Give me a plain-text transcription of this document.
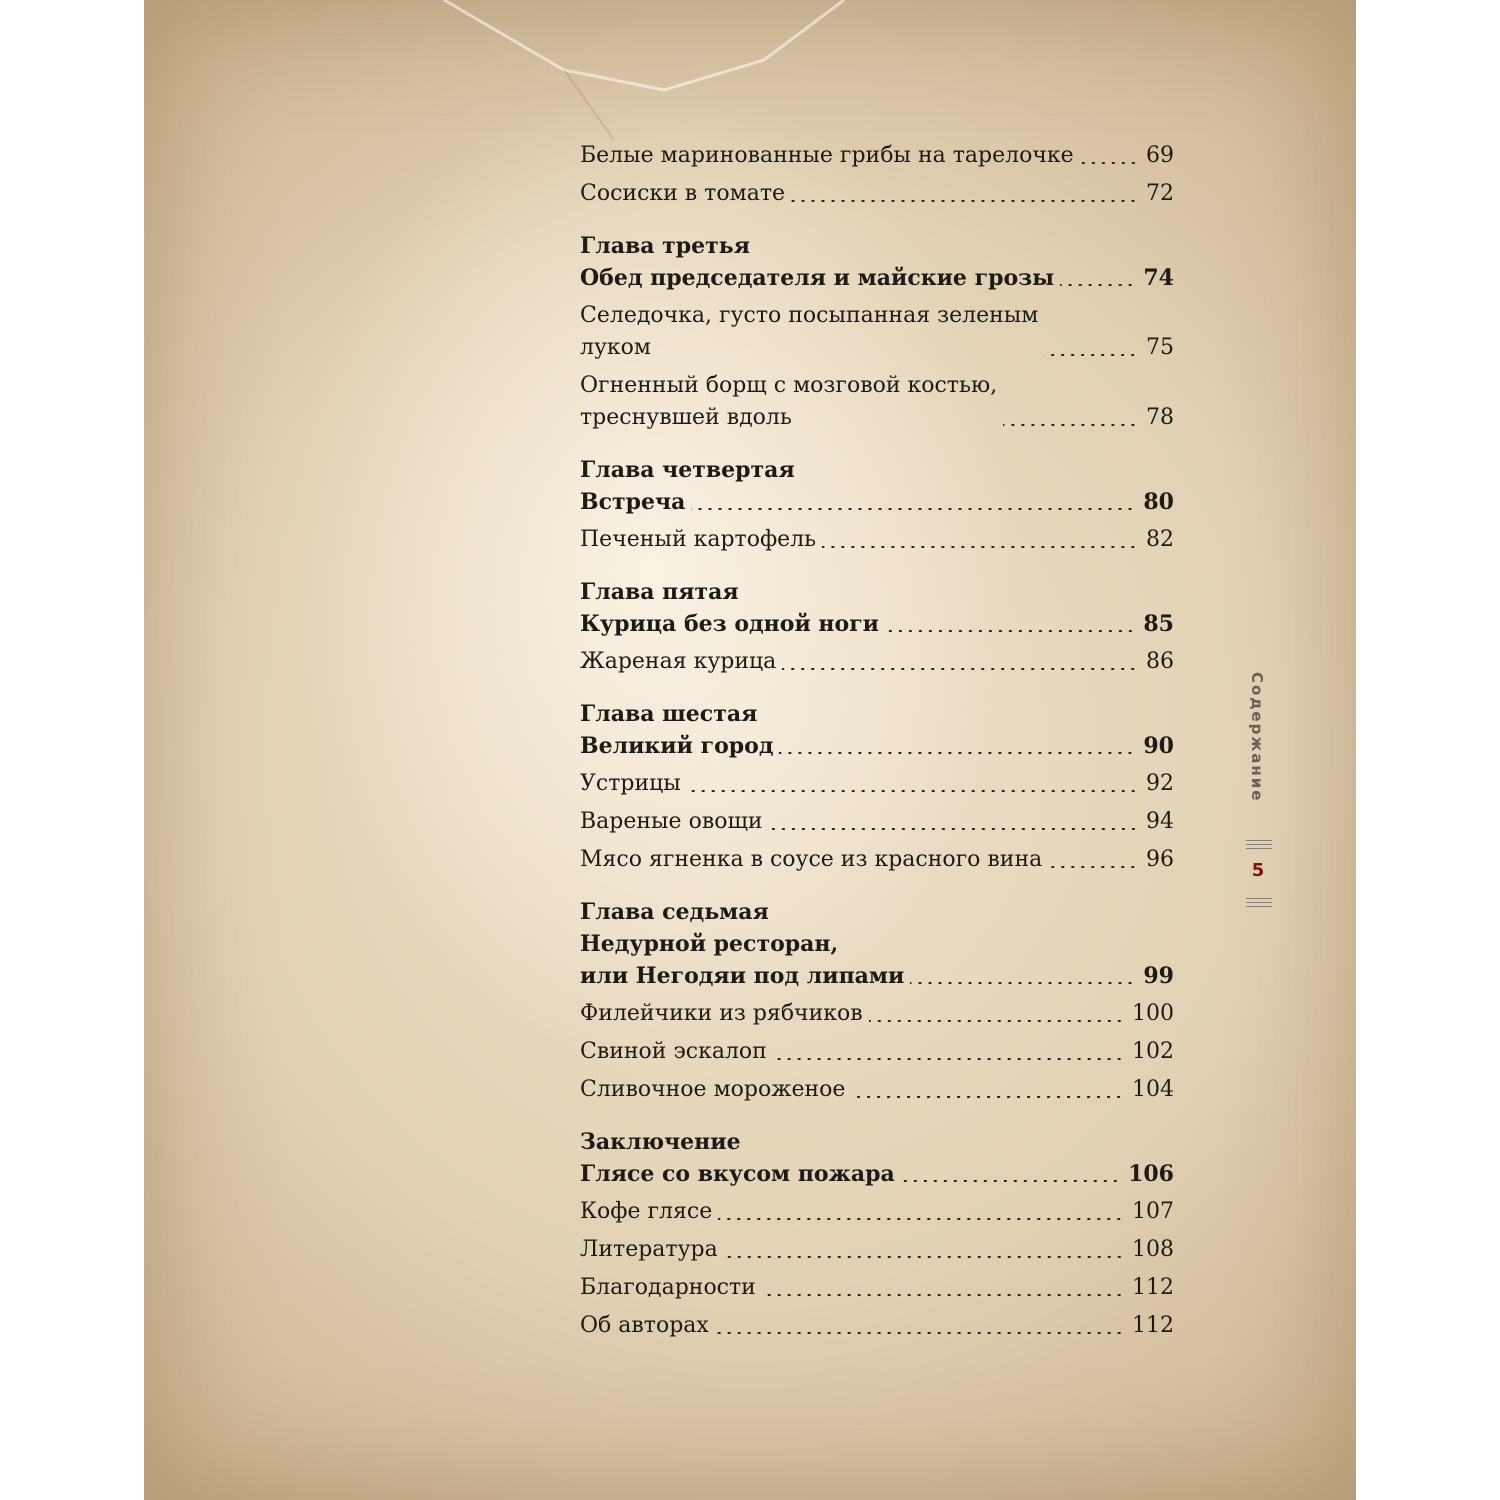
Белые маринованные грибы на тарелочке	69
Сосиски в томате	72
Глава третья
Обед председателя и майские грозы	74
Селедочка, густо посыпанная зеленым
луком	75
Огненный борщ с мозговой костью,
треснувшей вдоль	78
Глава четвертая
Встреча	80
Печеный картофель	82
Глава пятая
Курица без одной ноги	85
Жареная курица	86
Глава шестая
Великий город	90
Устрицы	92
Вареные овощи	94
Мясо ягненка в соусе из красного вина	96
Глава седьмая
Недурной ресторан,
или Негодяи под липами	99
Филейчики из рябчиков	100
Свиной эскалоп	102
Сливочное мороженое	104
Заключение
Глясе со вкусом пожара	106
Кофе глясе	107
Литература	108
Благодарности	112
Об авторах	112
Содержание
5
